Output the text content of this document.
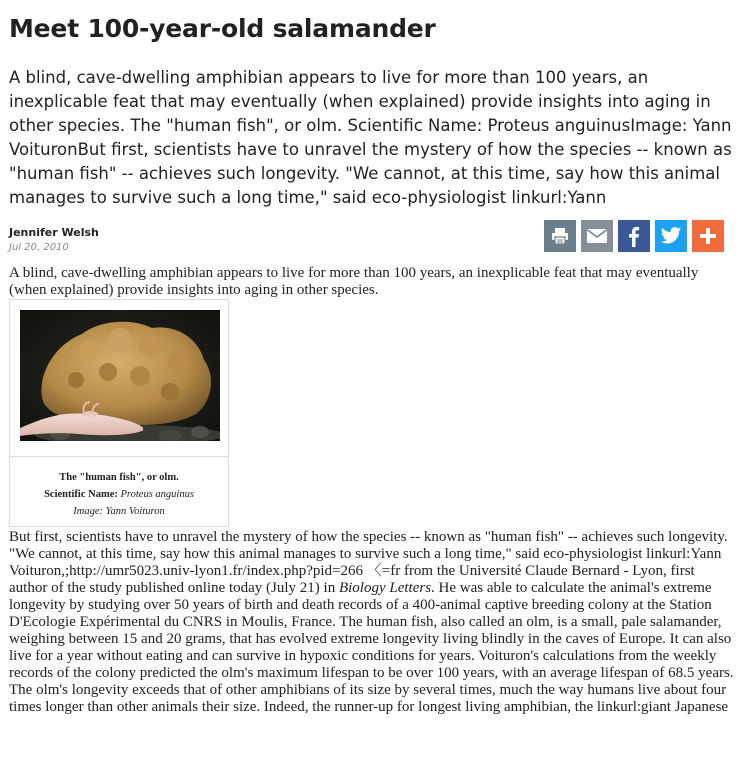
Meet 100-year-old salamander

A blind, cave-dwelling amphibian appears to live for more than 100 years, an inexplicable feat that may eventually (when explained) provide insights into aging in other species. The "human fish", or olm. Scientific Name: Proteus anguinusImage: Yann VoituronBut first, scientists have to unravel the mystery of how the species -- known as "human fish" -- achieves such longevity. "We cannot, at this time, say how this animal manages to survive such a long time," said eco-physiologist linkurl:Yann

Jennifer Welsh
Jul 20, 2010

A blind, cave-dwelling amphibian appears to live for more than 100 years, an inexplicable feat that may eventually (when explained) provide insights into aging in other species.

The "human fish", or olm.
Scientific Name: Proteus anguinus
Image: Yann Voituron

But first, scientists have to unravel the mystery of how the species -- known as "human fish" -- achieves such longevity. "We cannot, at this time, say how this animal manages to survive such a long time," said eco-physiologist linkurl:Yann Voituron,;http://umr5023.univ-lyon1.fr/index.php?pid=266 〈=fr from the Université Claude Bernard - Lyon, first author of the study published online today (July 21) in Biology Letters. He was able to calculate the animal's extreme longevity by studying over 50 years of birth and death records of a 400-animal captive breeding colony at the Station D'Ecologie Expérimental du CNRS in Moulis, France. The human fish, also called an olm, is a small, pale salamander, weighing between 15 and 20 grams, that has evolved extreme longevity living blindly in the caves of Europe. It can also live for a year without eating and can survive in hypoxic conditions for years. Voituron's calculations from the weekly records of the colony predicted the olm's maximum lifespan to be over 100 years, with an average lifespan of 68.5 years. The olm's longevity exceeds that of other amphibians of its size by several times, much the way humans live about four times longer than other animals their size. Indeed, the runner-up for longest living amphibian, the linkurl:giant Japanese
